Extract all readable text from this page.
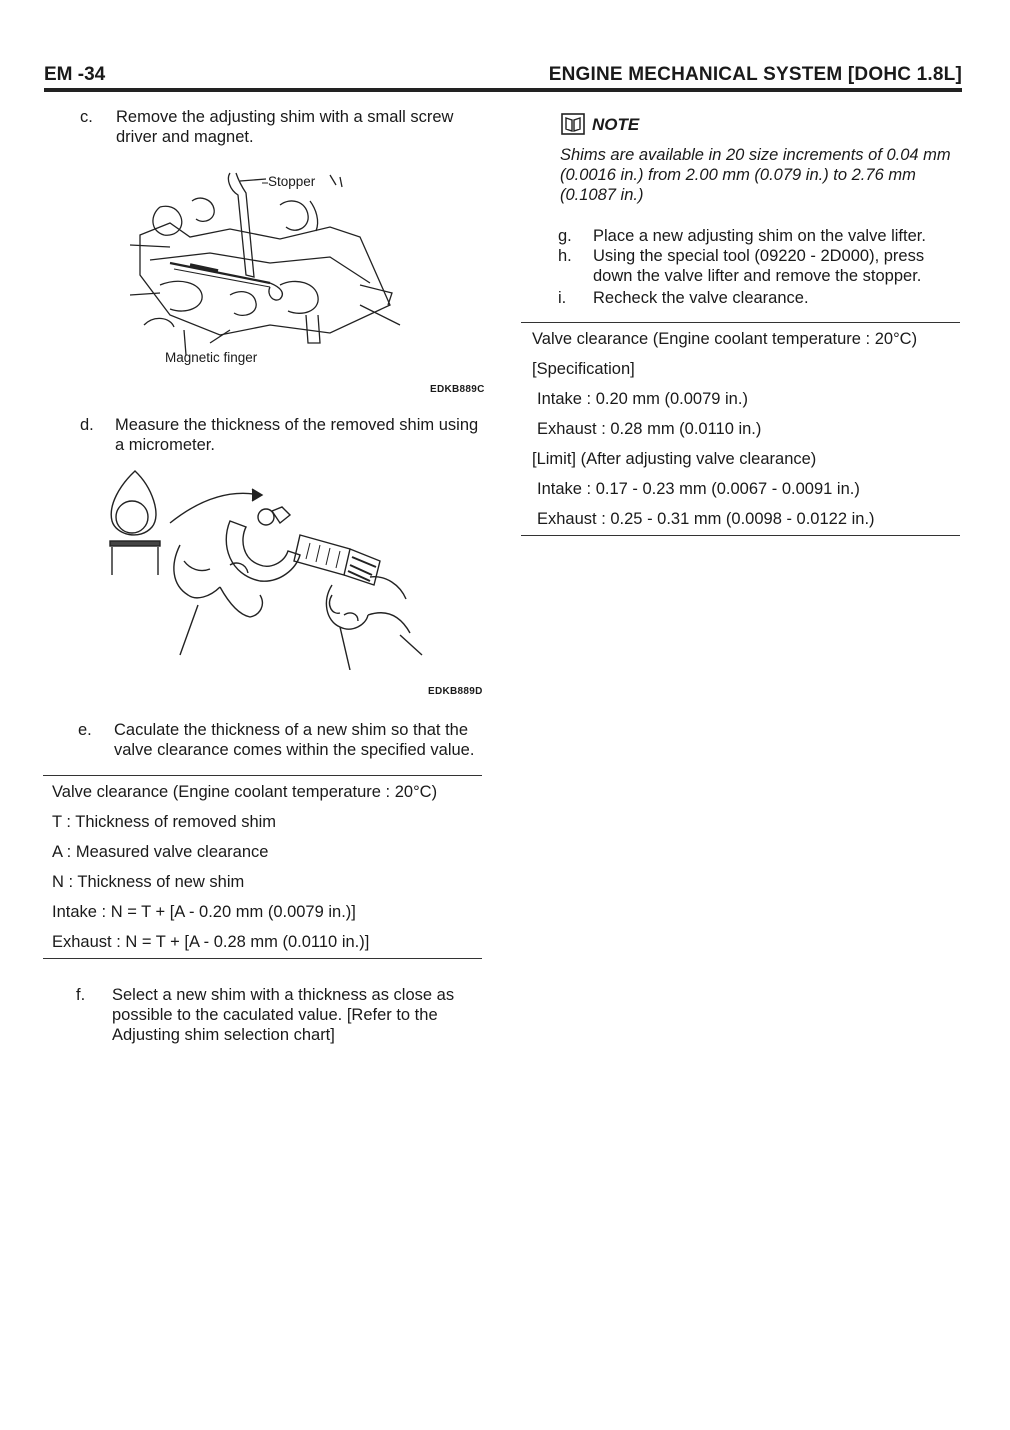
EM -34	ENGINE MECHANICAL SYSTEM [DOHC 1.8L]
c. Remove the adjusting shim with a small screw driver and magnet.
Stopper
Magnetic finger
EDKB889C
d. Measure the thickness of the removed shim using a micrometer.
EDKB889D
e. Caculate the thickness of a new shim so that the valve clearance comes within the specified value.
Valve clearance (Engine coolant temperature : 20°C)
T : Thickness of removed shim
A : Measured valve clearance
N : Thickness of new shim
Intake : N = T + [A - 0.20 mm (0.0079 in.)]
Exhaust : N = T + [A - 0.28 mm (0.0110 in.)]
f. Select a new shim with a thickness as close as possible to the caculated value. [Refer to the Adjusting shim selection chart]
NOTE
Shims are available in 20 size increments of 0.04 mm (0.0016 in.) from 2.00 mm (0.079 in.) to 2.76 mm (0.1087 in.)
g. Place a new adjusting shim on the valve lifter.
h. Using the special tool (09220 - 2D000), press down the valve lifter and remove the stopper.
i. Recheck the valve clearance.
Valve clearance (Engine coolant temperature : 20°C)
[Specification]
Intake : 0.20 mm (0.0079 in.)
Exhaust : 0.28 mm (0.0110 in.)
[Limit] (After adjusting valve clearance)
Intake : 0.17 - 0.23 mm (0.0067 - 0.0091 in.)
Exhaust : 0.25 - 0.31 mm (0.0098 - 0.0122 in.)
